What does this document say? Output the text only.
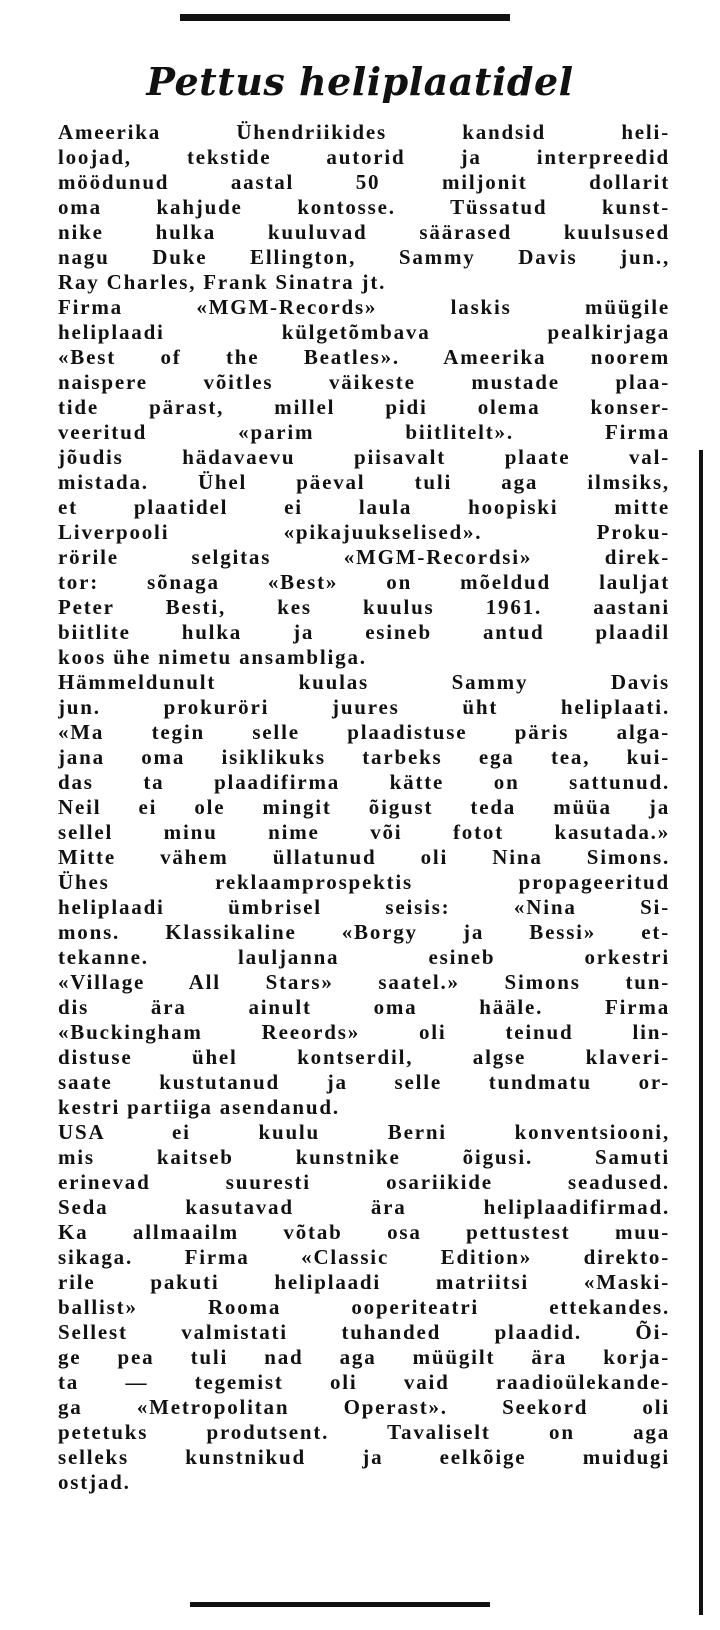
Pettus heliplaatidel
Ameerika Ühendriikides kandsid heli-
loojad, tekstide autorid ja interpreedid
möödunud aastal 50 miljonit dollarit
oma kahjude kontosse. Tüssatud kunst-
nike hulka kuuluvad säärased kuulsused
nagu Duke Ellington, Sammy Davis jun.,
Ray Charles, Frank Sinatra jt.
Firma «MGM-Records» laskis müügile
heliplaadi külgetõmbava pealkirjaga
«Best of the Beatles». Ameerika noorem
naispere võitles väikeste mustade plaa-
tide pärast, millel pidi olema konser-
veeritud «parim biitlitelt». Firma
jõudis hädavaevu piisavalt plaate val-
mistada. Ühel päeval tuli aga ilmsiks,
et plaatidel ei laula hoopiski mitte
Liverpooli «pikajuukselised». Proku-
rörile selgitas «MGM-Recordsi» direk-
tor: sõnaga «Best» on mõeldud lauljat
Peter Besti, kes kuulus 1961. aastani
biitlite hulka ja esineb antud plaadil
koos ühe nimetu ansambliga.
Hämmeldunult kuulas Sammy Davis
jun. prokuröri juures üht heliplaati.
«Ma tegin selle plaadistuse päris alga-
jana oma isiklikuks tarbeks ega tea, kui-
das ta plaadifirma kätte on sattunud.
Neil ei ole mingit õigust teda müüa ja
sellel minu nime või fotot kasutada.»
Mitte vähem üllatunud oli Nina Simons.
Ühes reklaamprospektis propageeritud
heliplaadi ümbrisel seisis: «Nina Si-
mons. Klassikaline «Borgy ja Bessi» et-
tekanne. lauljanna esineb orkestri
«Village All Stars» saatel.» Simons tun-
dis ära ainult oma hääle. Firma
«Buckingham Reeords» oli teinud lin-
distuse ühel kontserdil, algse klaveri-
saate kustutanud ja selle tundmatu or-
kestri partiiga asendanud.
USA ei kuulu Berni konventsiooni,
mis kaitseb kunstnike õigusi. Samuti
erinevad suuresti osariikide seadused.
Seda kasutavad ära heliplaadifirmad.
Ka allmaailm võtab osa pettustest muu-
sikaga. Firma «Classic Edition» direkto-
rile pakuti heliplaadi matriitsi «Maski-
ballist» Rooma ooperiteatri ettekandes.
Sellest valmistati tuhanded plaadid. Õi-
ge pea tuli nad aga müügilt ära korja-
ta — tegemist oli vaid raadioülekande-
ga «Metropolitan Operast». Seekord oli
petetuks produtsent. Tavaliselt on aga
selleks kunstnikud ja eelkõige muidugi
ostjad.
